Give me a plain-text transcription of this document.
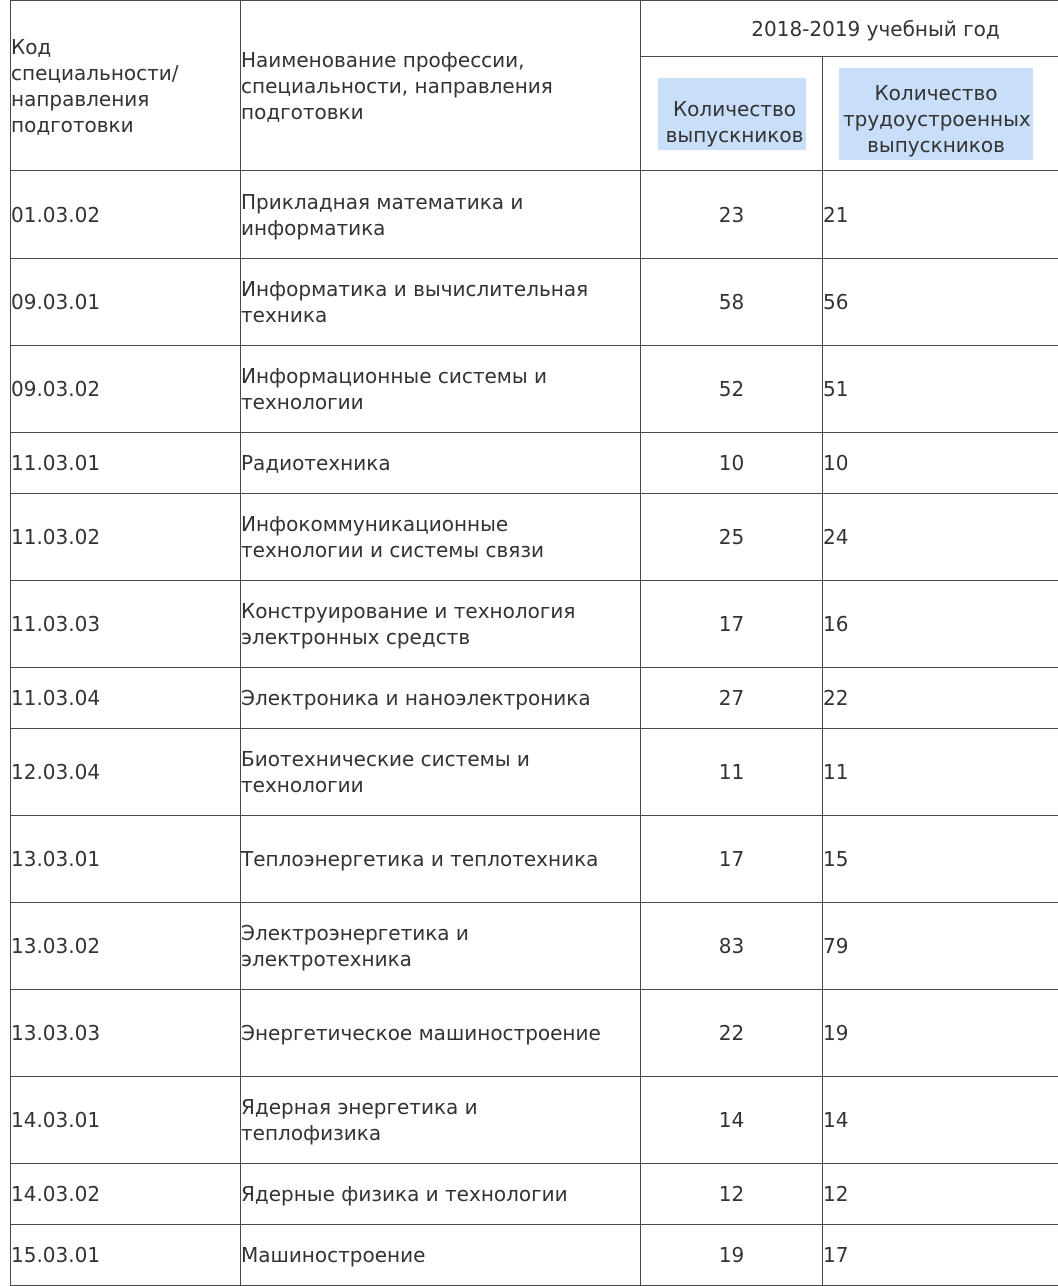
Код специальности/ направления подготовки	Наименование профессии, специальности, направления подготовки	2018-2019 учебный год	
		Количество выпускников	Количество трудоустроенных выпускников
01.03.02	Прикладная математика и информатика	23	21
09.03.01	Информатика и вычислительная техника	58	56
09.03.02	Информационные системы и технологии	52	51
11.03.01	Радиотехника	10	10
11.03.02	Инфокоммуникационные технологии и системы связи	25	24
11.03.03	Конструирование и технология электронных средств	17	16
11.03.04	Электроника и наноэлектроника	27	22
12.03.04	Биотехнические системы и технологии	11	11
13.03.01	Теплоэнергетика и теплотехника	17	15
13.03.02	Электроэнергетика и электротехника	83	79
13.03.03	Энергетическое машиностроение	22	19
14.03.01	Ядерная энергетика и теплофизика	14	14
14.03.02	Ядерные физика и технологии	12	12
15.03.01	Машиностроение	19	17
